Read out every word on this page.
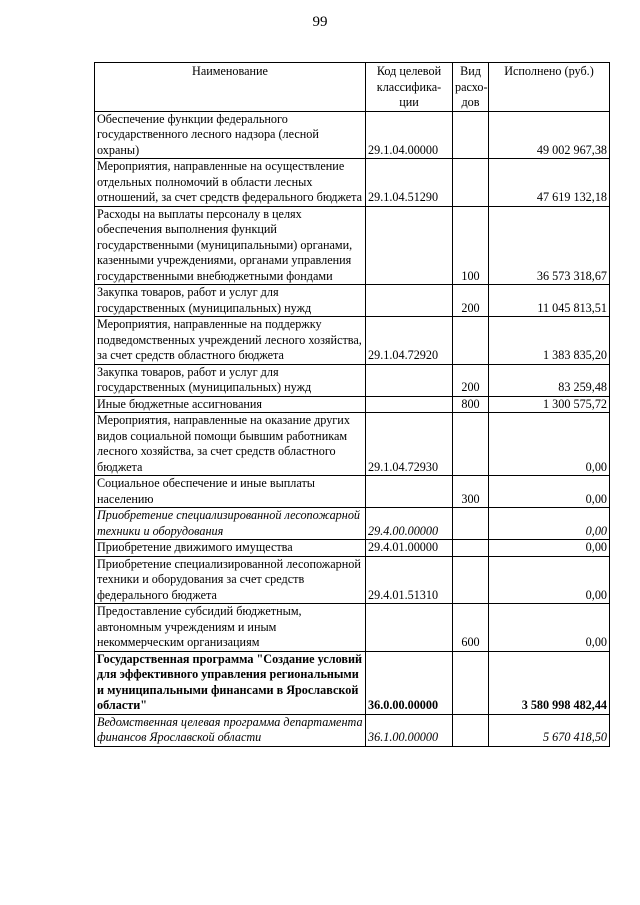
99
Наименование	Код целевой классифика-ции	Вид расхо-дов	Исполнено (руб.)
Обеспечение функции федерального государственного лесного надзора (лесной охраны)	29.1.04.00000		49 002 967,38
Мероприятия, направленные на осуществление отдельных полномочий в области лесных отношений, за счет средств федерального бюджета	29.1.04.51290		47 619 132,18
Расходы на выплаты персоналу в целях обеспечения выполнения функций государственными (муниципальными) органами, казенными учреждениями, органами управления государственными внебюджетными фондами		100	36 573 318,67
Закупка товаров, работ и услуг для государственных (муниципальных) нужд		200	11 045 813,51
Мероприятия, направленные на поддержку подведомственных учреждений лесного хозяйства, за счет средств областного бюджета	29.1.04.72920		1 383 835,20
Закупка товаров, работ и услуг для государственных (муниципальных) нужд		200	83 259,48
Иные бюджетные ассигнования		800	1 300 575,72
Мероприятия, направленные на оказание других видов социальной помощи бывшим работникам лесного хозяйства, за счет средств областного бюджета	29.1.04.72930		0,00
Социальное обеспечение и иные выплаты населению		300	0,00
Приобретение специализированной лесопожарной техники и оборудования	29.4.00.00000		0,00
Приобретение движимого имущества	29.4.01.00000		0,00
Приобретение специализированной лесопожарной техники и оборудования за счет средств федерального бюджета	29.4.01.51310		0,00
Предоставление субсидий бюджетным, автономным учреждениям и иным некоммерческим организациям		600	0,00
Государственная программа "Создание условий для эффективного управления региональными и муниципальными финансами в Ярославской области"	36.0.00.00000		3 580 998 482,44
Ведомственная целевая программа департамента финансов Ярославской области	36.1.00.00000		5 670 418,50
